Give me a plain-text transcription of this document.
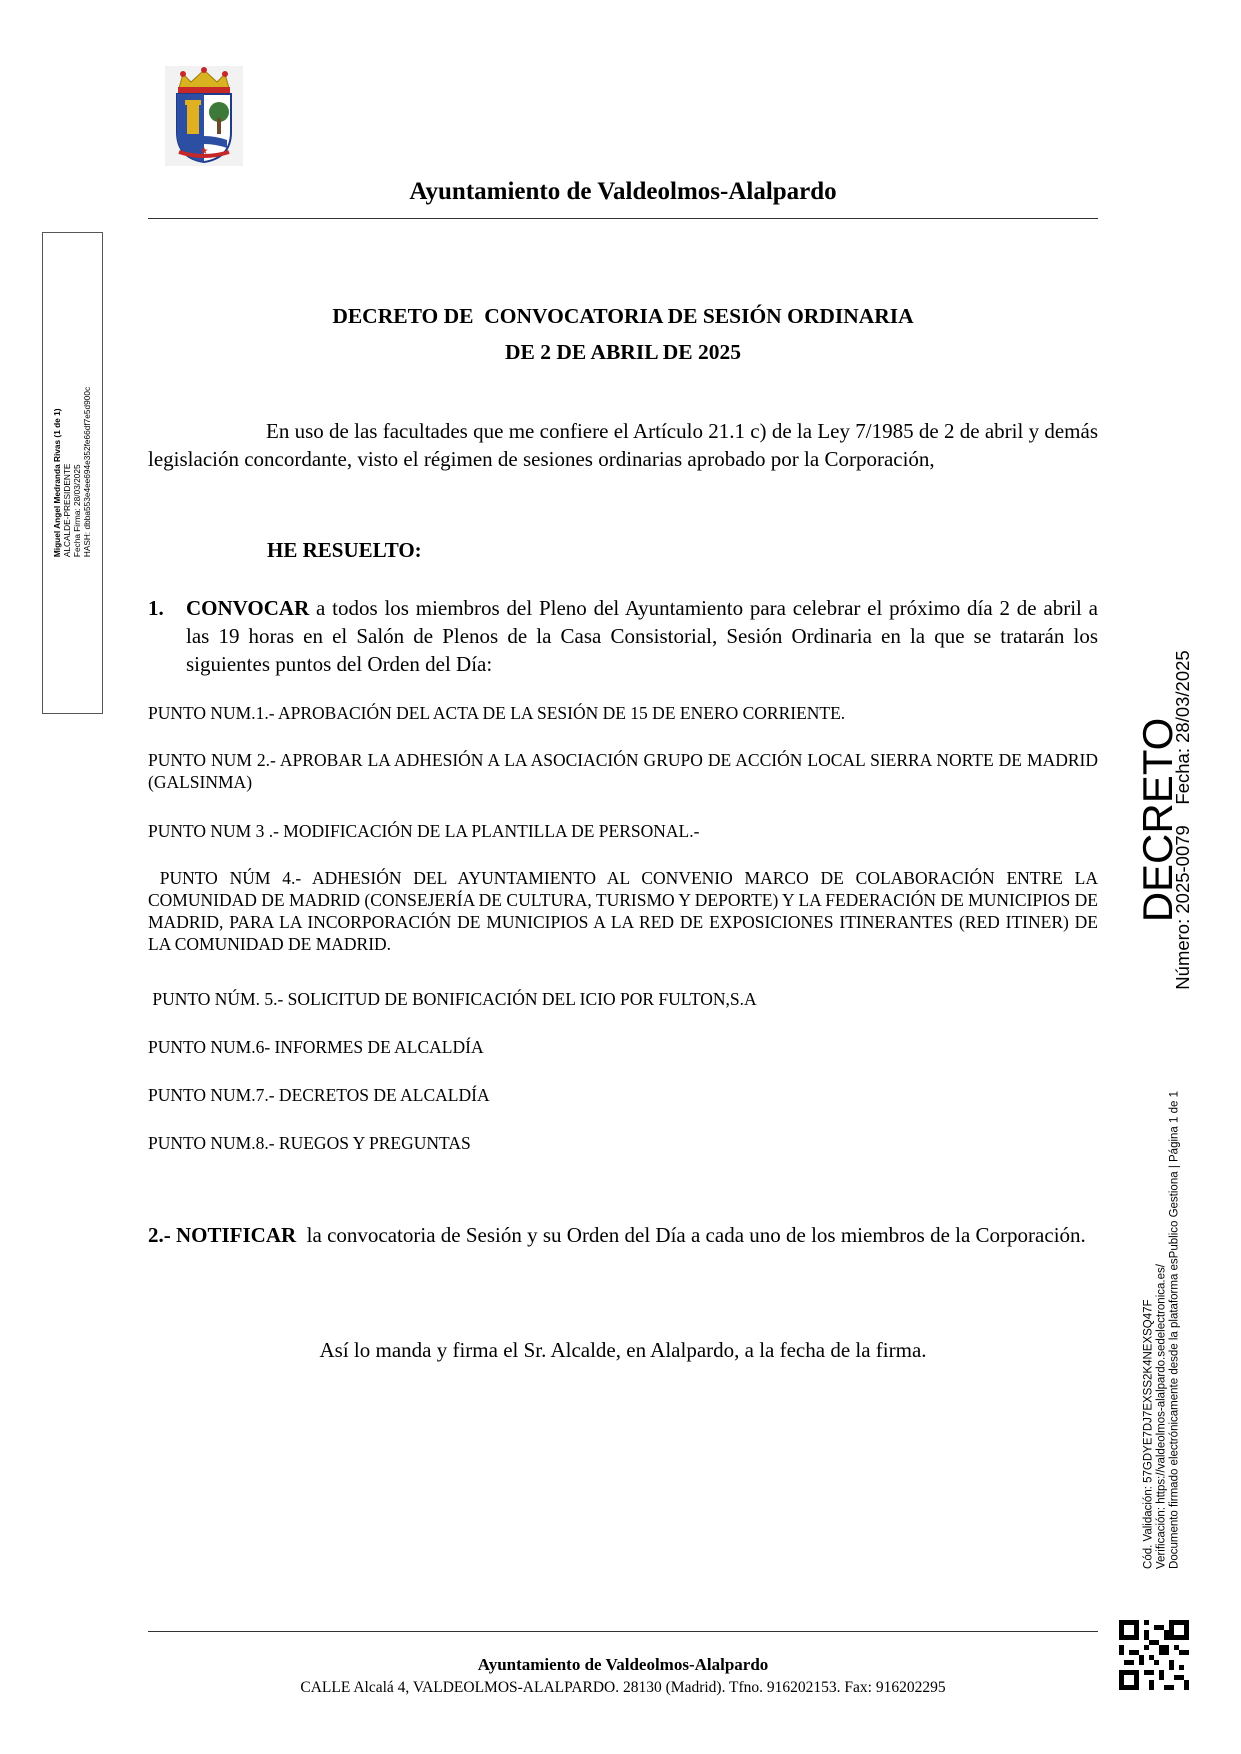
★
Ayuntamiento de Valdeolmos-Alalpardo
Miguel Angel Medranda Rivas (1 de 1) ALCALDE-PRESIDENTE Fecha Firma: 28/03/2025 HASH: dbba553e4ee694e352fe66df7e5d900c
DECRETO DE  CONVOCATORIA DE SESIÓN ORDINARIA
DE 2 DE ABRIL DE 2025
En uso de las facultades que me confiere el Artículo 21.1 c) de la Ley 7/1985 de 2 de abril y demás legislación concordante, visto el régimen de sesiones ordinarias aprobado por la Corporación,
HE RESUELTO:
1. CONVOCAR a todos los miembros del Pleno del Ayuntamiento para celebrar el próximo día 2 de abril a las 19 horas en el Salón de Plenos de la Casa Consistorial, Sesión Ordinaria en la que se tratarán los siguientes puntos del Orden del Día:
PUNTO NUM.1.- APROBACIÓN DEL ACTA DE LA SESIÓN DE 15 DE ENERO CORRIENTE.
PUNTO NUM 2.- APROBAR LA ADHESIÓN A LA ASOCIACIÓN GRUPO DE ACCIÓN LOCAL SIERRA NORTE DE MADRID (GALSINMA)
PUNTO NUM 3 .- MODIFICACIÓN DE LA PLANTILLA DE PERSONAL.-
PUNTO NÚM 4.- ADHESIÓN DEL AYUNTAMIENTO AL CONVENIO MARCO DE COLABORACIÓN ENTRE LA COMUNIDAD DE MADRID (CONSEJERÍA DE CULTURA, TURISMO Y DEPORTE) Y LA FEDERACIÓN DE MUNICIPIOS DE MADRID, PARA LA INCORPORACIÓN DE MUNICIPIOS A LA RED DE EXPOSICIONES ITINERANTES (RED ITINER) DE LA COMUNIDAD DE MADRID.
PUNTO NÚM. 5.- SOLICITUD DE BONIFICACIÓN DEL ICIO POR FULTON,S.A
PUNTO NUM.6- INFORMES DE ALCALDÍA
PUNTO NUM.7.- DECRETOS DE ALCALDÍA
PUNTO NUM.8.- RUEGOS Y PREGUNTAS
2.- NOTIFICAR  la convocatoria de Sesión y su Orden del Día a cada uno de los miembros de la Corporación.
Así lo manda y firma el Sr. Alcalde, en Alalpardo, a la fecha de la firma.
DECRETO
Número: 2025-0079    Fecha: 28/03/2025
Cód. Validación: 57GDYE7DJ7EXSS2K4NEXSQ47F Verificación: https://valdeolmos-alalpardo.sedelectronica.es/ Documento firmado electrónicamente desde la plataforma esPublico Gestiona | Página 1 de 1
Ayuntamiento de Valdeolmos-Alalpardo
CALLE Alcalá 4, VALDEOLMOS-ALALPARDO. 28130 (Madrid). Tfno. 916202153. Fax: 916202295
